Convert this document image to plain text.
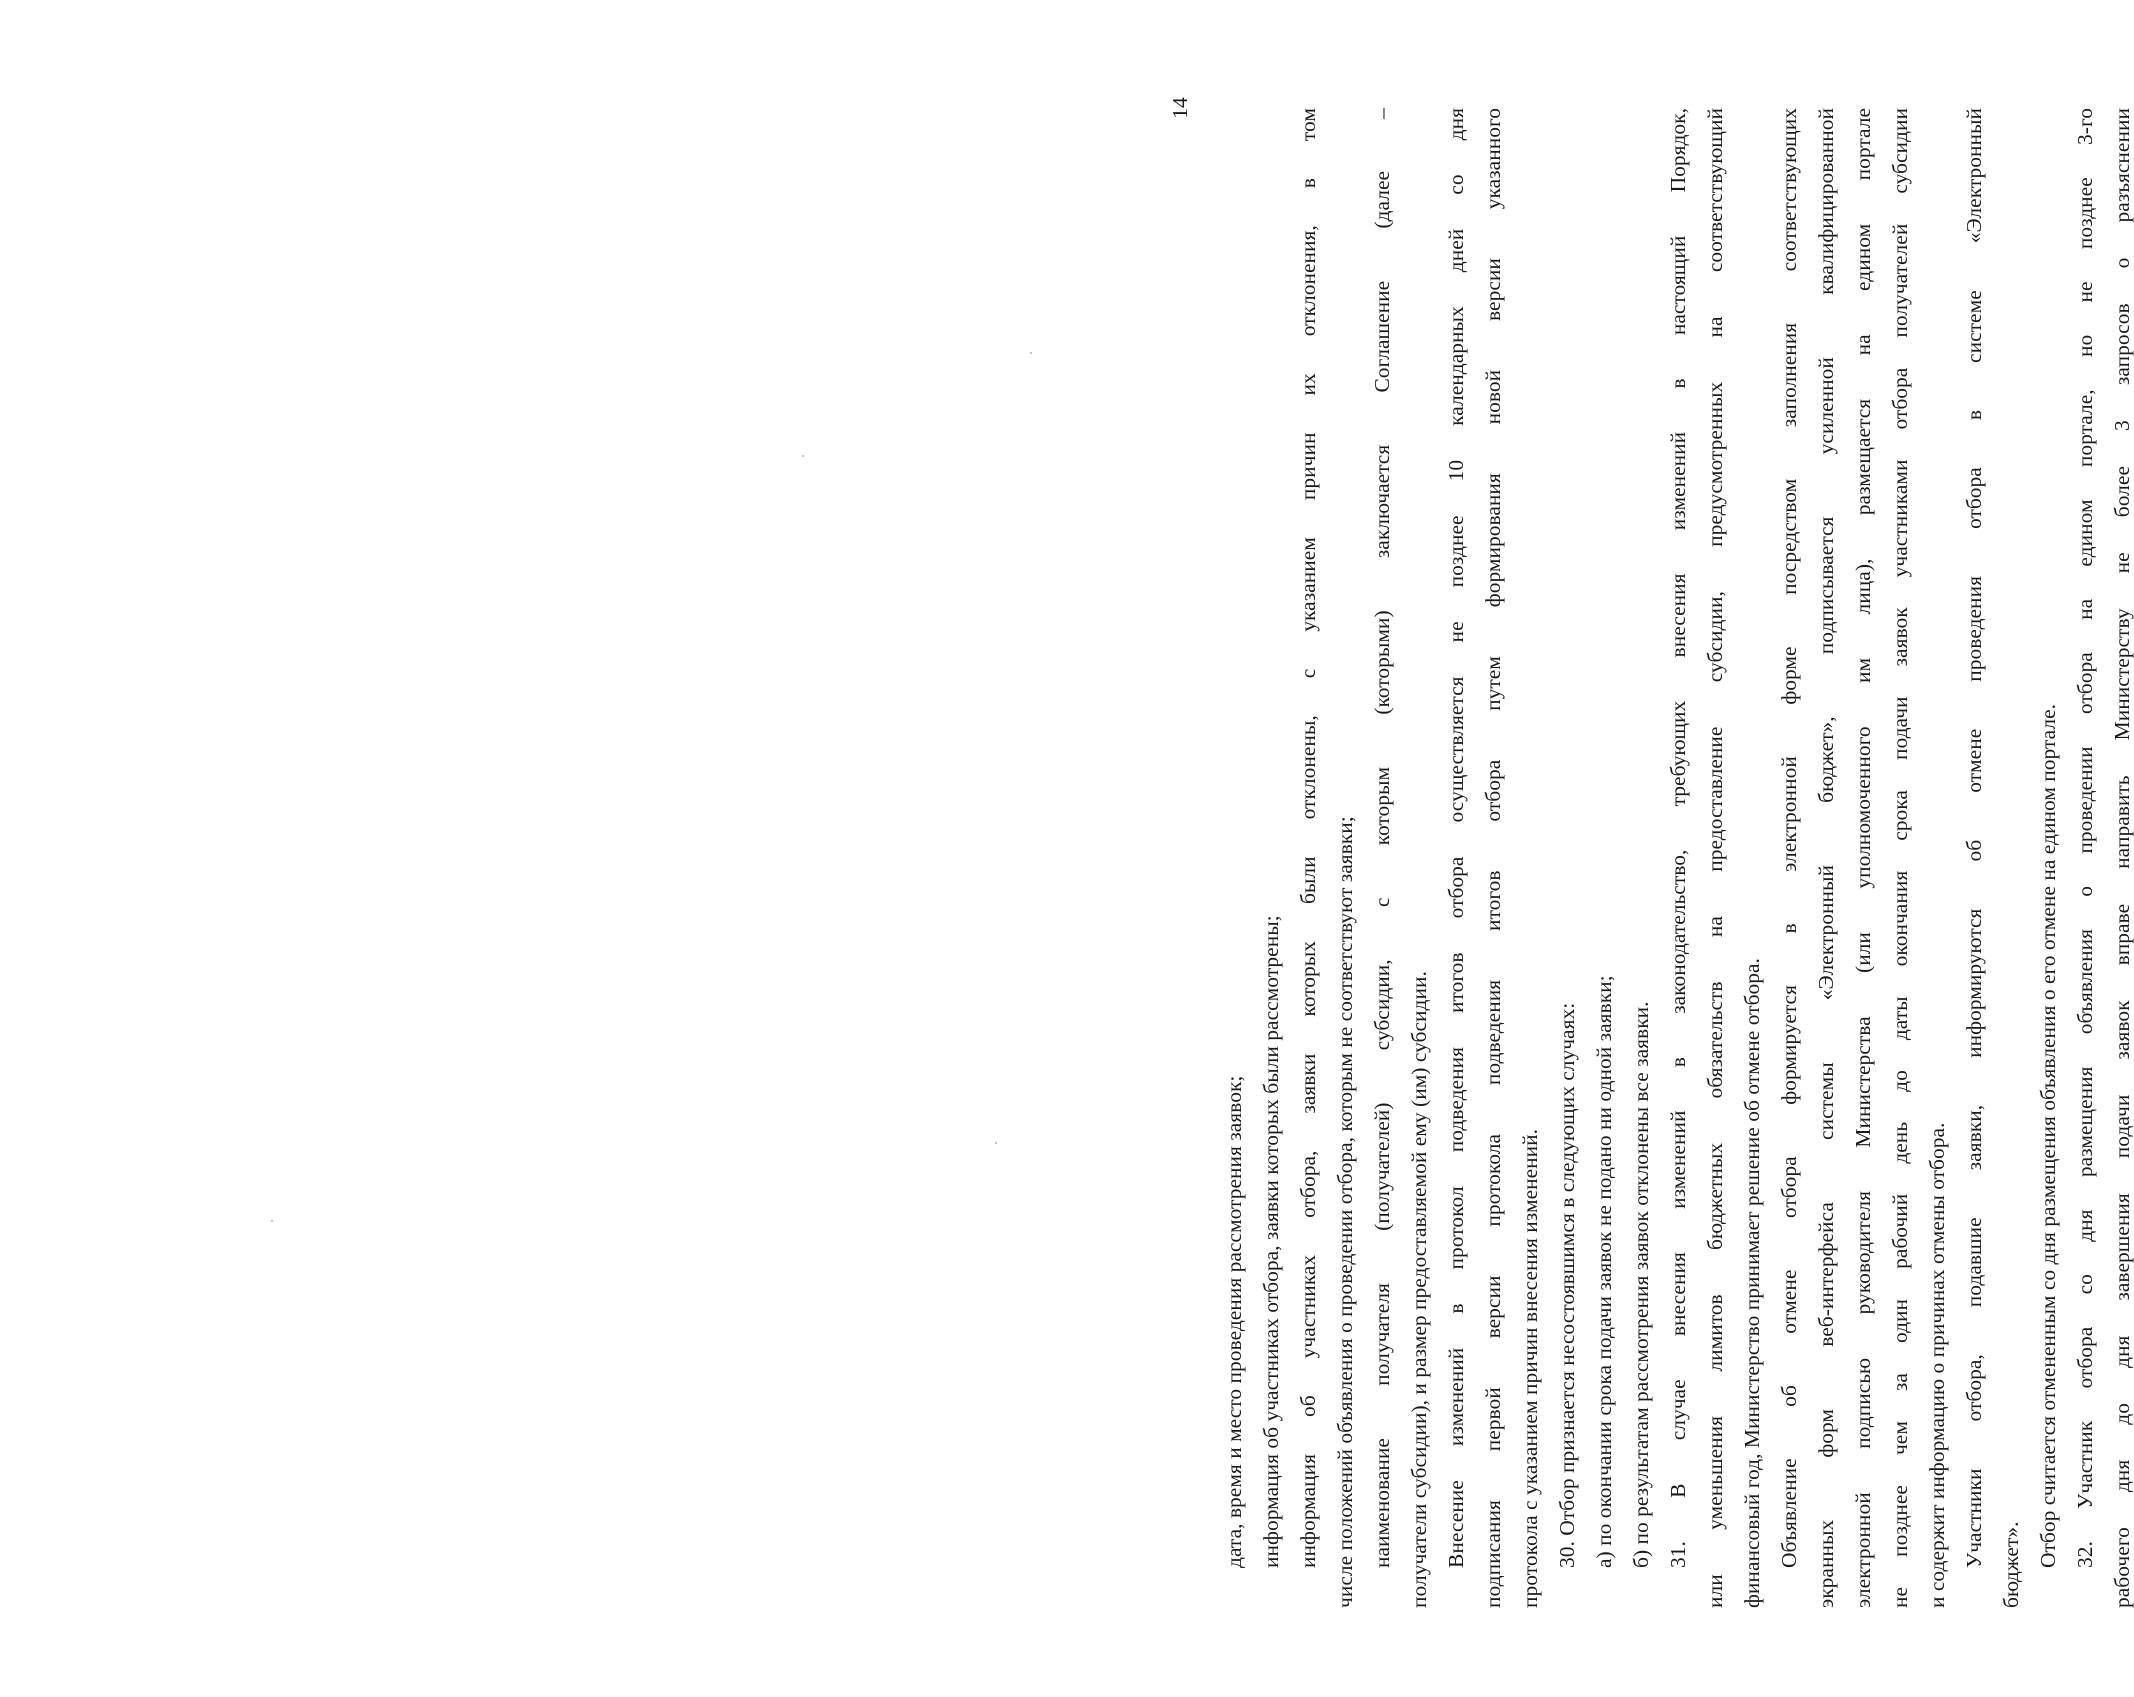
14
дата, время и место проведения рассмотрения заявок; информация об участниках отбора, заявки которых были рассмотрены; информация об участниках отбора, заявки которых были отклонены, с указанием причин их отклонения, в том числе положений объявления о проведении отбора, которым не соответствуют заявки; наименование получателя (получателей) субсидии, с которым (которыми) заключается Соглашение (далее – получатели субсидии), и размер предоставляемой ему (им) субсидии. Внесение изменений в протокол подведения итогов отбора осуществляется не позднее 10 календарных дней со дня подписания первой версии протокола подведения итогов отбора путем формирования новой версии указанного протокола с указанием причин внесения изменений. 30. Отбор признается несостоявшимся в следующих случаях: а) по окончании срока подачи заявок не подано ни одной заявки; б) по результатам рассмотрения заявок отклонены все заявки. 31. В случае внесения изменений в законодательство, требующих внесения изменений в настоящий Порядок, или уменьшения лимитов бюджетных обязательств на предоставление субсидии, предусмотренных на соответствующий финансовый год, Министерство принимает решение об отмене отбора. Объявление об отмене отбора формируется в электронной форме посредством заполнения соответствующих экранных форм веб-интерфейса системы «Электронный бюджет», подписывается усиленной квалифицированной электронной подписью руководителя Министерства (или уполномоченного им лица), размещается на едином портале не позднее чем за один рабочий день до даты окончания срока подачи заявок участниками отбора получателей субсидии и содержит информацию о причинах отмены отбора. Участники отбора, подавшие заявки, информируются об отмене проведения отбора в системе «Электронный бюджет». Отбор считается отмененным со дня размещения объявления о его отмене на едином портале. 32. Участник отбора со дня размещения объявления о проведении отбора на едином портале, но не позднее 3-го рабочего дня до дня завершения подачи заявок вправе направить Министерству не более 3 запросов о разъяснении
